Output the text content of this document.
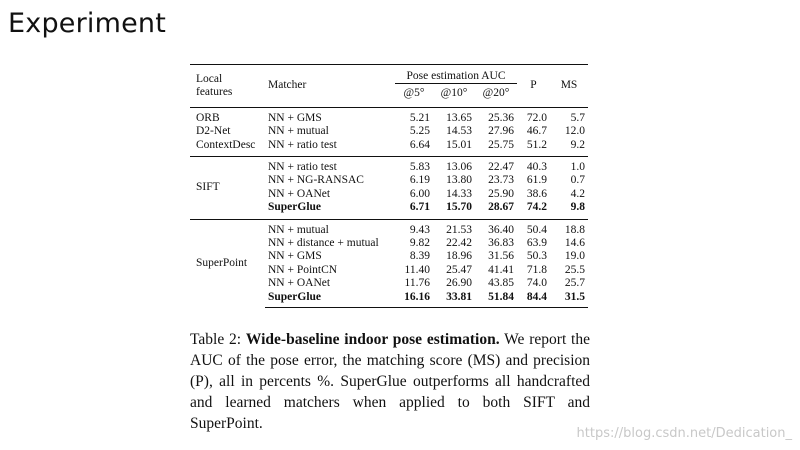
Experiment
Local
features	Matcher	Pose estimation AUC			P	MS
		@5°	@10°	@20°		
ORB	NN + GMS	5.21	13.65	25.36	72.0	5.7
D2-Net	NN + mutual	5.25	14.53	27.96	46.7	12.0
ContextDesc	NN + ratio test	6.64	15.01	25.75	51.2	9.2
SIFT	NN + ratio test	5.83	13.06	22.47	40.3	1.0
	NN + NG-RANSAC	6.19	13.80	23.73	61.9	0.7
	NN + OANet	6.00	14.33	25.90	38.6	4.2
	SuperGlue	6.71	15.70	28.67	74.2	9.8
SuperPoint	NN + mutual	9.43	21.53	36.40	50.4	18.8
	NN + distance + mutual	9.82	22.42	36.83	63.9	14.6
	NN + GMS	8.39	18.96	31.56	50.3	19.0
	NN + PointCN	11.40	25.47	41.41	71.8	25.5
	NN + OANet	11.76	26.90	43.85	74.0	25.7
	SuperGlue	16.16	33.81	51.84	84.4	31.5
Table 2: Wide-baseline indoor pose estimation. We report the AUC of the pose error, the matching score (MS) and precision (P), all in percents %. SuperGlue outperforms all handcrafted and learned matchers when applied to both SIFT and SuperPoint.
https://blog.csdn.net/Dedication_
